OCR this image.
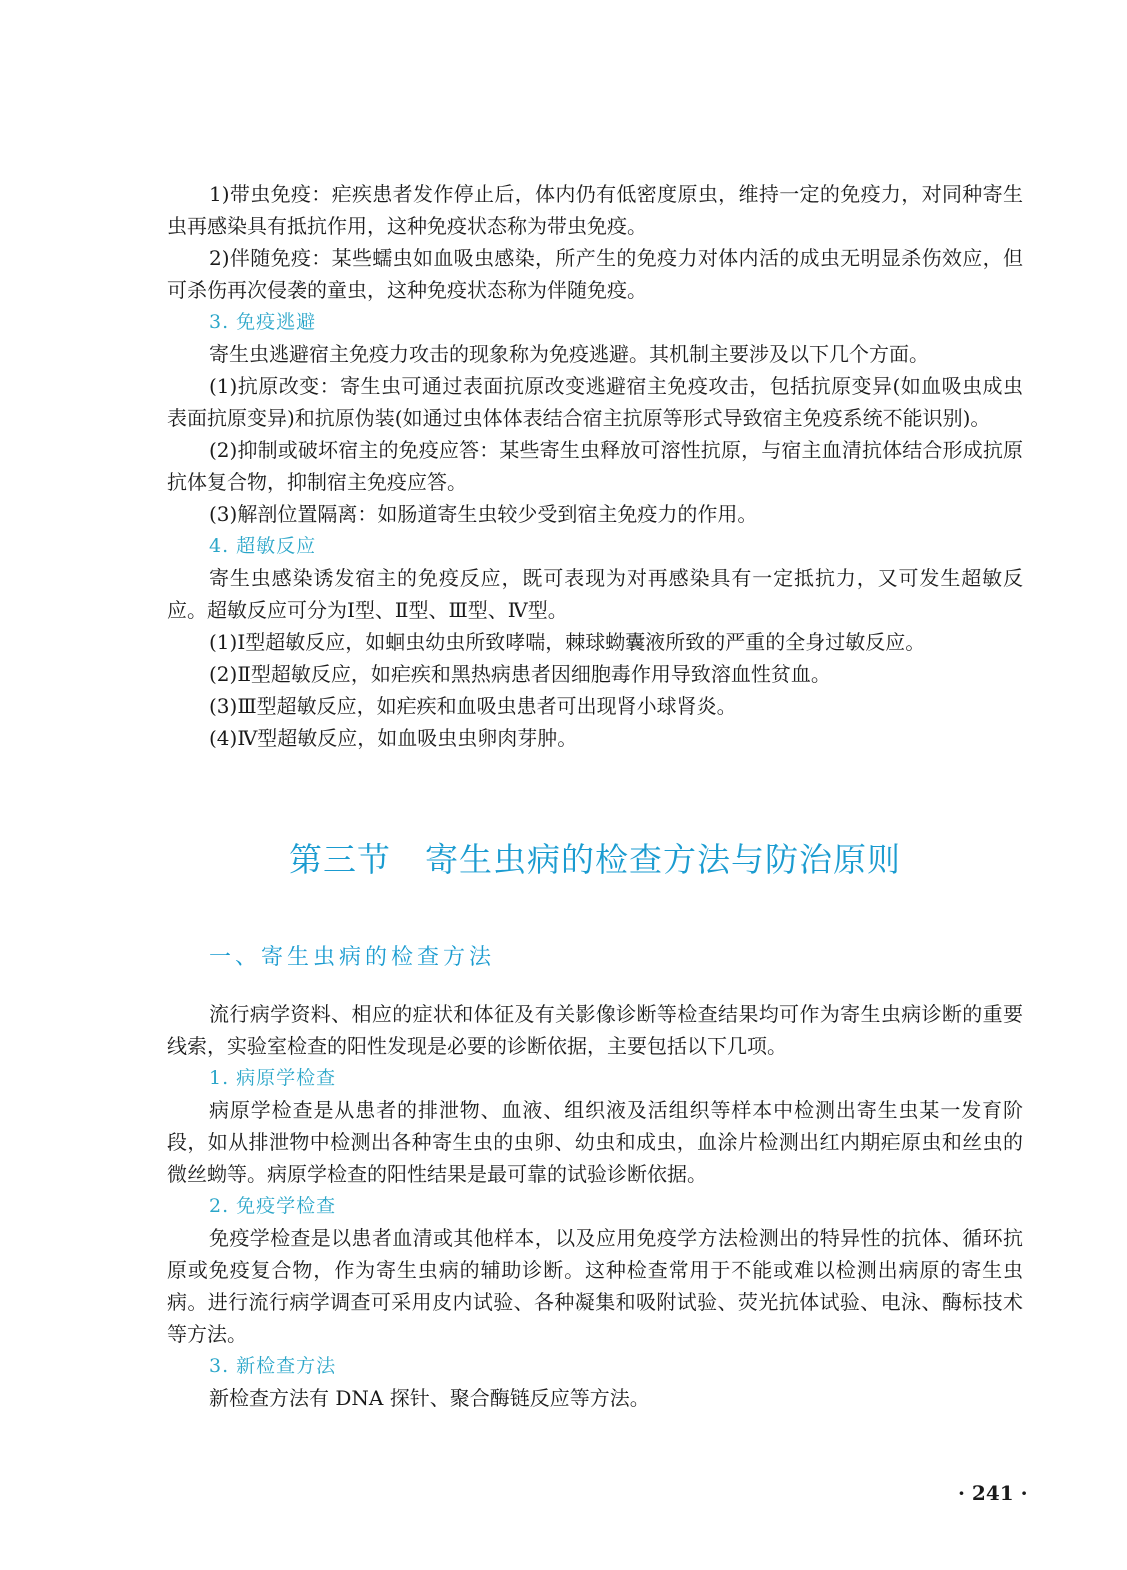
1)带虫免疫：疟疾患者发作停止后，体内仍有低密度原虫，维持一定的免疫力，对同种寄生虫再感染具有抵抗作用，这种免疫状态称为带虫免疫。

2)伴随免疫：某些蠕虫如血吸虫感染，所产生的免疫力对体内活的成虫无明显杀伤效应，但可杀伤再次侵袭的童虫，这种免疫状态称为伴随免疫。

3. 免疫逃避

寄生虫逃避宿主免疫力攻击的现象称为免疫逃避。其机制主要涉及以下几个方面。

(1)抗原改变：寄生虫可通过表面抗原改变逃避宿主免疫攻击，包括抗原变异(如血吸虫成虫表面抗原变异)和抗原伪装(如通过虫体体表结合宿主抗原等形式导致宿主免疫系统不能识别)。

(2)抑制或破坏宿主的免疫应答：某些寄生虫释放可溶性抗原，与宿主血清抗体结合形成抗原抗体复合物，抑制宿主免疫应答。

(3)解剖位置隔离：如肠道寄生虫较少受到宿主免疫力的作用。

4. 超敏反应

寄生虫感染诱发宿主的免疫反应，既可表现为对再感染具有一定抵抗力，又可发生超敏反应。超敏反应可分为Ⅰ型、Ⅱ型、Ⅲ型、Ⅳ型。

(1)Ⅰ型超敏反应，如蛔虫幼虫所致哮喘，棘球蚴囊液所致的严重的全身过敏反应。

(2)Ⅱ型超敏反应，如疟疾和黑热病患者因细胞毒作用导致溶血性贫血。

(3)Ⅲ型超敏反应，如疟疾和血吸虫患者可出现肾小球肾炎。

(4)Ⅳ型超敏反应，如血吸虫虫卵肉芽肿。

第三节　寄生虫病的检查方法与防治原则
一、寄生虫病的检查方法

流行病学资料、相应的症状和体征及有关影像诊断等检查结果均可作为寄生虫病诊断的重要线索，实验室检查的阳性发现是必要的诊断依据，主要包括以下几项。

1. 病原学检查

病原学检查是从患者的排泄物、血液、组织液及活组织等样本中检测出寄生虫某一发育阶段，如从排泄物中检测出各种寄生虫的虫卵、幼虫和成虫，血涂片检测出红内期疟原虫和丝虫的微丝蚴等。病原学检查的阳性结果是最可靠的试验诊断依据。

2. 免疫学检查

免疫学检查是以患者血清或其他样本，以及应用免疫学方法检测出的特异性的抗体、循环抗原或免疫复合物，作为寄生虫病的辅助诊断。这种检查常用于不能或难以检测出病原的寄生虫病。进行流行病学调查可采用皮内试验、各种凝集和吸附试验、荧光抗体试验、电泳、酶标技术等方法。

3. 新检查方法

新检查方法有 DNA 探针、聚合酶链反应等方法。

· 241 ·
